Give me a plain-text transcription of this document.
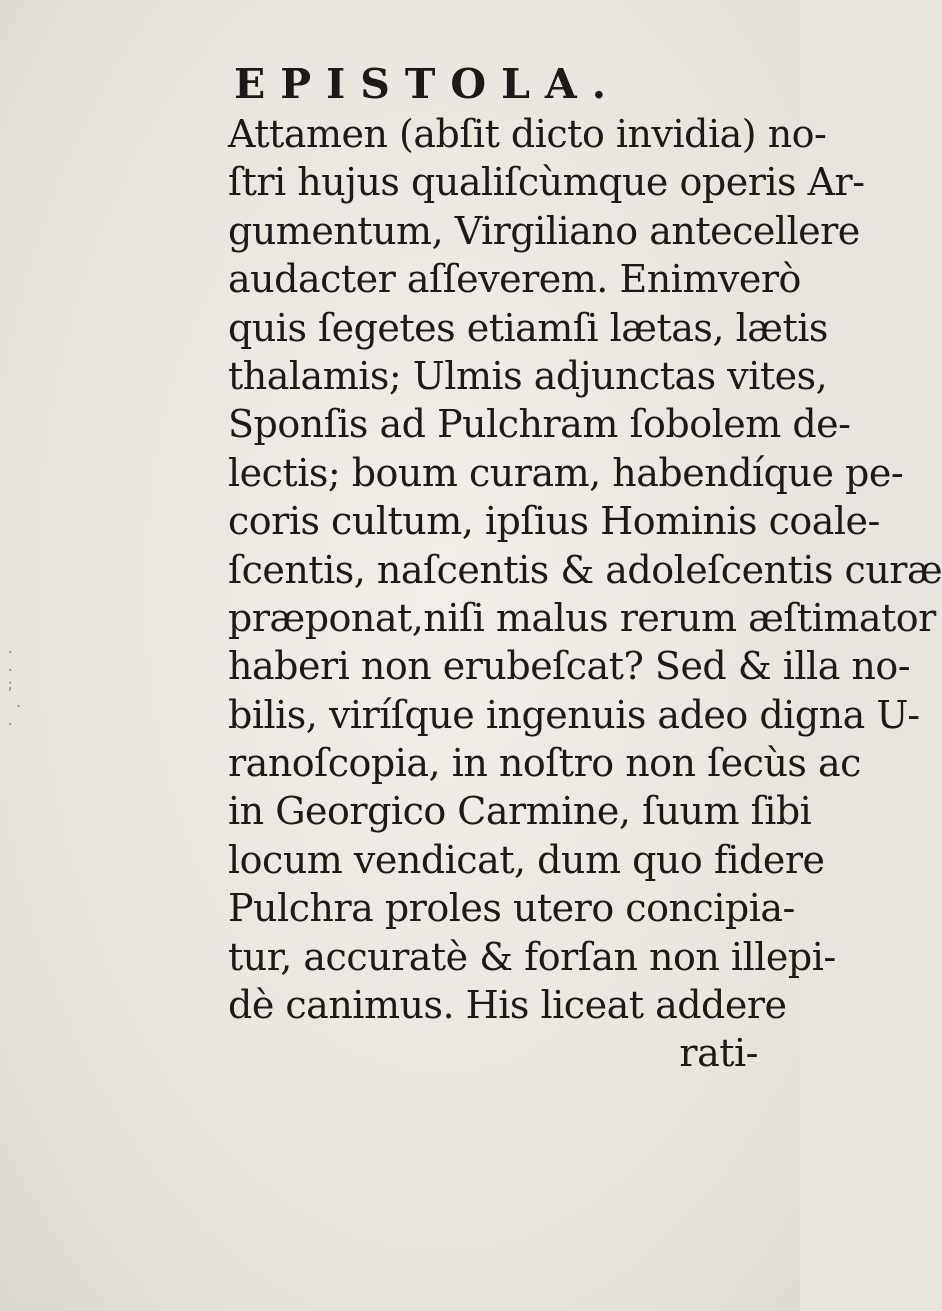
.
. ;
.
.
EPISTOLA.
Attamen (abſit dicto invidia) no-
ſtri hujus qualiſcùmque operis Ar-
gumentum, Virgiliano antecellere
audacter aſſeverem. Enimverò
quis ſegetes etiamſi lætas, lætis
thalamis; Ulmis adjunctas vites,
Sponſis ad Pulchram ſobolem de-
lectis; boum curam, habendíque pe-
coris cultum, ipſius Hominis coale-
ſcentis, naſcentis & adoleſcentis curæ
præponat,niſi malus rerum æſtimator
haberi non erubeſcat? Sed & illa no-
bilis, viríſque ingenuis adeo digna U-
ranoſcopia, in noſtro non ſecùs ac
in Georgico Carmine, ſuum ſibi
locum vendicat, dum quo fidere
Pulchra proles utero concipia-
tur, accuratè & forſan non illepi-
dè canimus. His liceat addere
rati-
